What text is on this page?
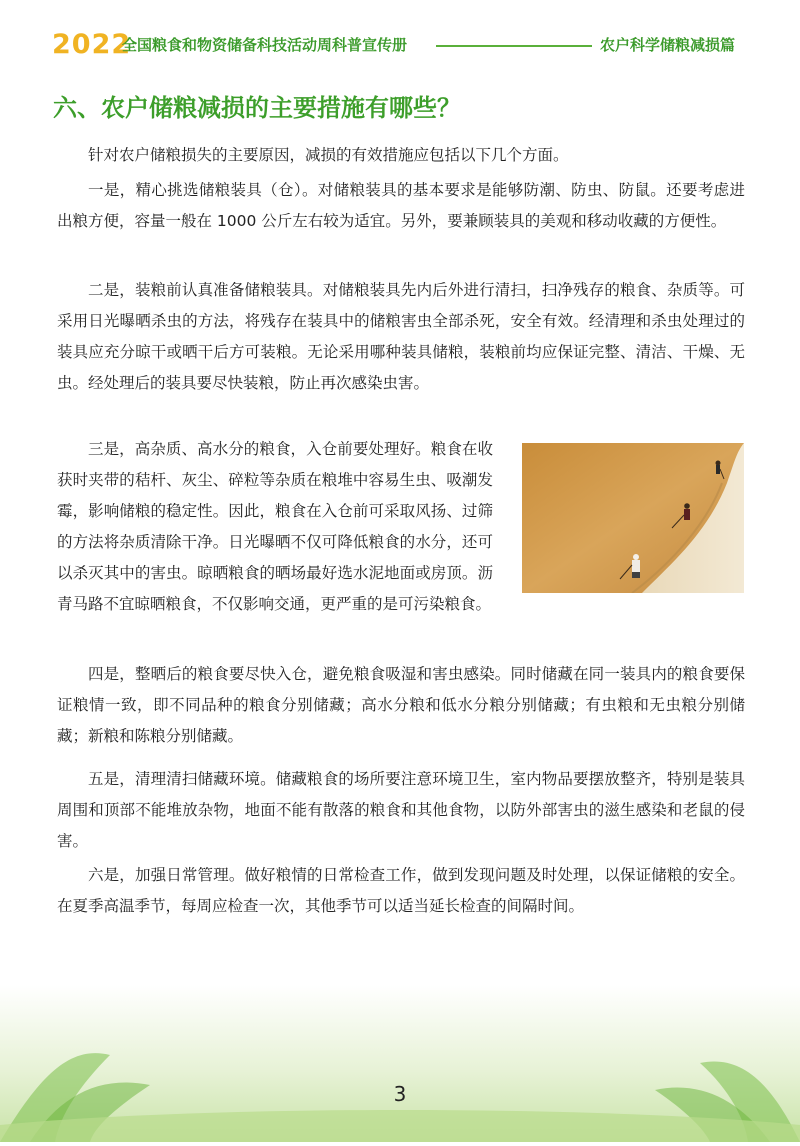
2022
全国粮食和物资储备科技活动周科普宣传册	农户科学储粮减损篇
六、农户储粮减损的主要措施有哪些？

针对农户储粮损失的主要原因，减损的有效措施应包括以下几个方面。

一是，精心挑选储粮装具（仓）。对储粮装具的基本要求是能够防潮、防虫、防鼠。还要考虑进出粮方便，容量一般在 1000 公斤左右较为适宜。另外，要兼顾装具的美观和移动收藏的方便性。

二是，装粮前认真准备储粮装具。对储粮装具先内后外进行清扫，扫净残存的粮食、杂质等。可采用日光曝晒杀虫的方法，将残存在装具中的储粮害虫全部杀死，安全有效。经清理和杀虫处理过的装具应充分晾干或晒干后方可装粮。无论采用哪种装具储粮，装粮前均应保证完整、清洁、干燥、无虫。经处理后的装具要尽快装粮，防止再次感染虫害。

三是，高杂质、高水分的粮食，入仓前要处理好。粮食在收获时夹带的秸杆、灰尘、碎粒等杂质在粮堆中容易生虫、吸潮发霉，影响储粮的稳定性。因此，粮食在入仓前可采取风扬、过筛的方法将杂质清除干净。日光曝晒不仅可降低粮食的水分，还可以杀灭其中的害虫。晾晒粮食的晒场最好选水泥地面或房顶。沥青马路不宜晾晒粮食，不仅影响交通，更严重的是可污染粮食。

四是，整晒后的粮食要尽快入仓，避免粮食吸湿和害虫感染。同时储藏在同一装具内的粮食要保证粮情一致，即不同品种的粮食分别储藏；高水分粮和低水分粮分别储藏；有虫粮和无虫粮分别储藏；新粮和陈粮分别储藏。

五是，清理清扫储藏环境。储藏粮食的场所要注意环境卫生，室内物品要摆放整齐，特别是装具周围和顶部不能堆放杂物，地面不能有散落的粮食和其他食物，以防外部害虫的滋生感染和老鼠的侵害。

六是，加强日常管理。做好粮情的日常检查工作，做到发现问题及时处理，以保证储粮的安全。在夏季高温季节，每周应检查一次，其他季节可以适当延长检查的间隔时间。

3
